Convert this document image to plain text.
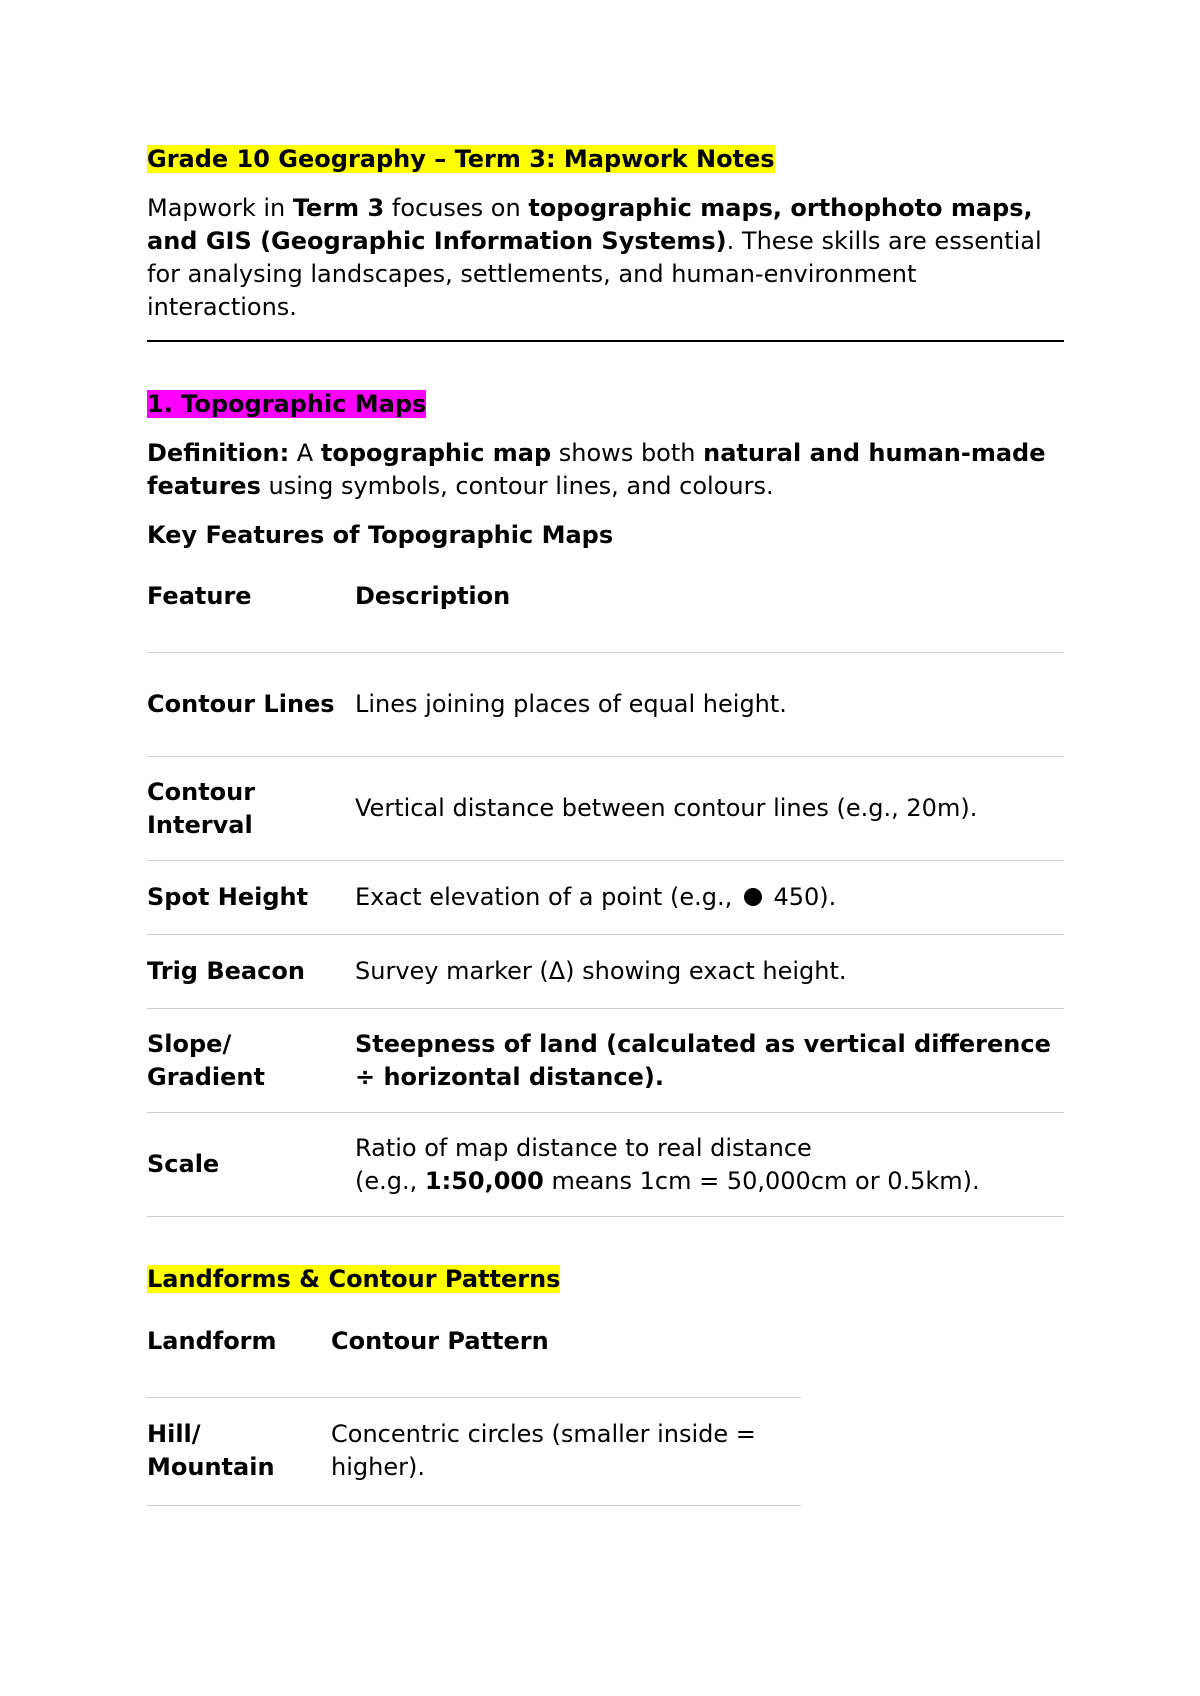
Grade 10 Geography – Term 3: Mapwork Notes
Mapwork in Term 3 focuses on topographic maps, orthophoto maps, and GIS (Geographic Information Systems). These skills are essential for analysing landscapes, settlements, and human-environment interactions.
1. Topographic Maps
Definition: A topographic map shows both natural and human-made features using symbols, contour lines, and colours.
Key Features of Topographic Maps
Feature	Description
Contour Lines	Lines joining places of equal height.
Contour Interval	Vertical distance between contour lines (e.g., 20m).
Spot Height	Exact elevation of a point (e.g.,  450).
Trig Beacon	Survey marker (Δ) showing exact height.
Slope/ Gradient	Steepness of land (calculated as vertical difference ÷ horizontal distance).
Scale	Ratio of map distance to real distance
(e.g., 1:50,000 means 1cm = 50,000cm or 0.5km).
Landforms & Contour Patterns
Landform	Contour Pattern
Hill/ Mountain	Concentric circles (smaller inside = higher).
